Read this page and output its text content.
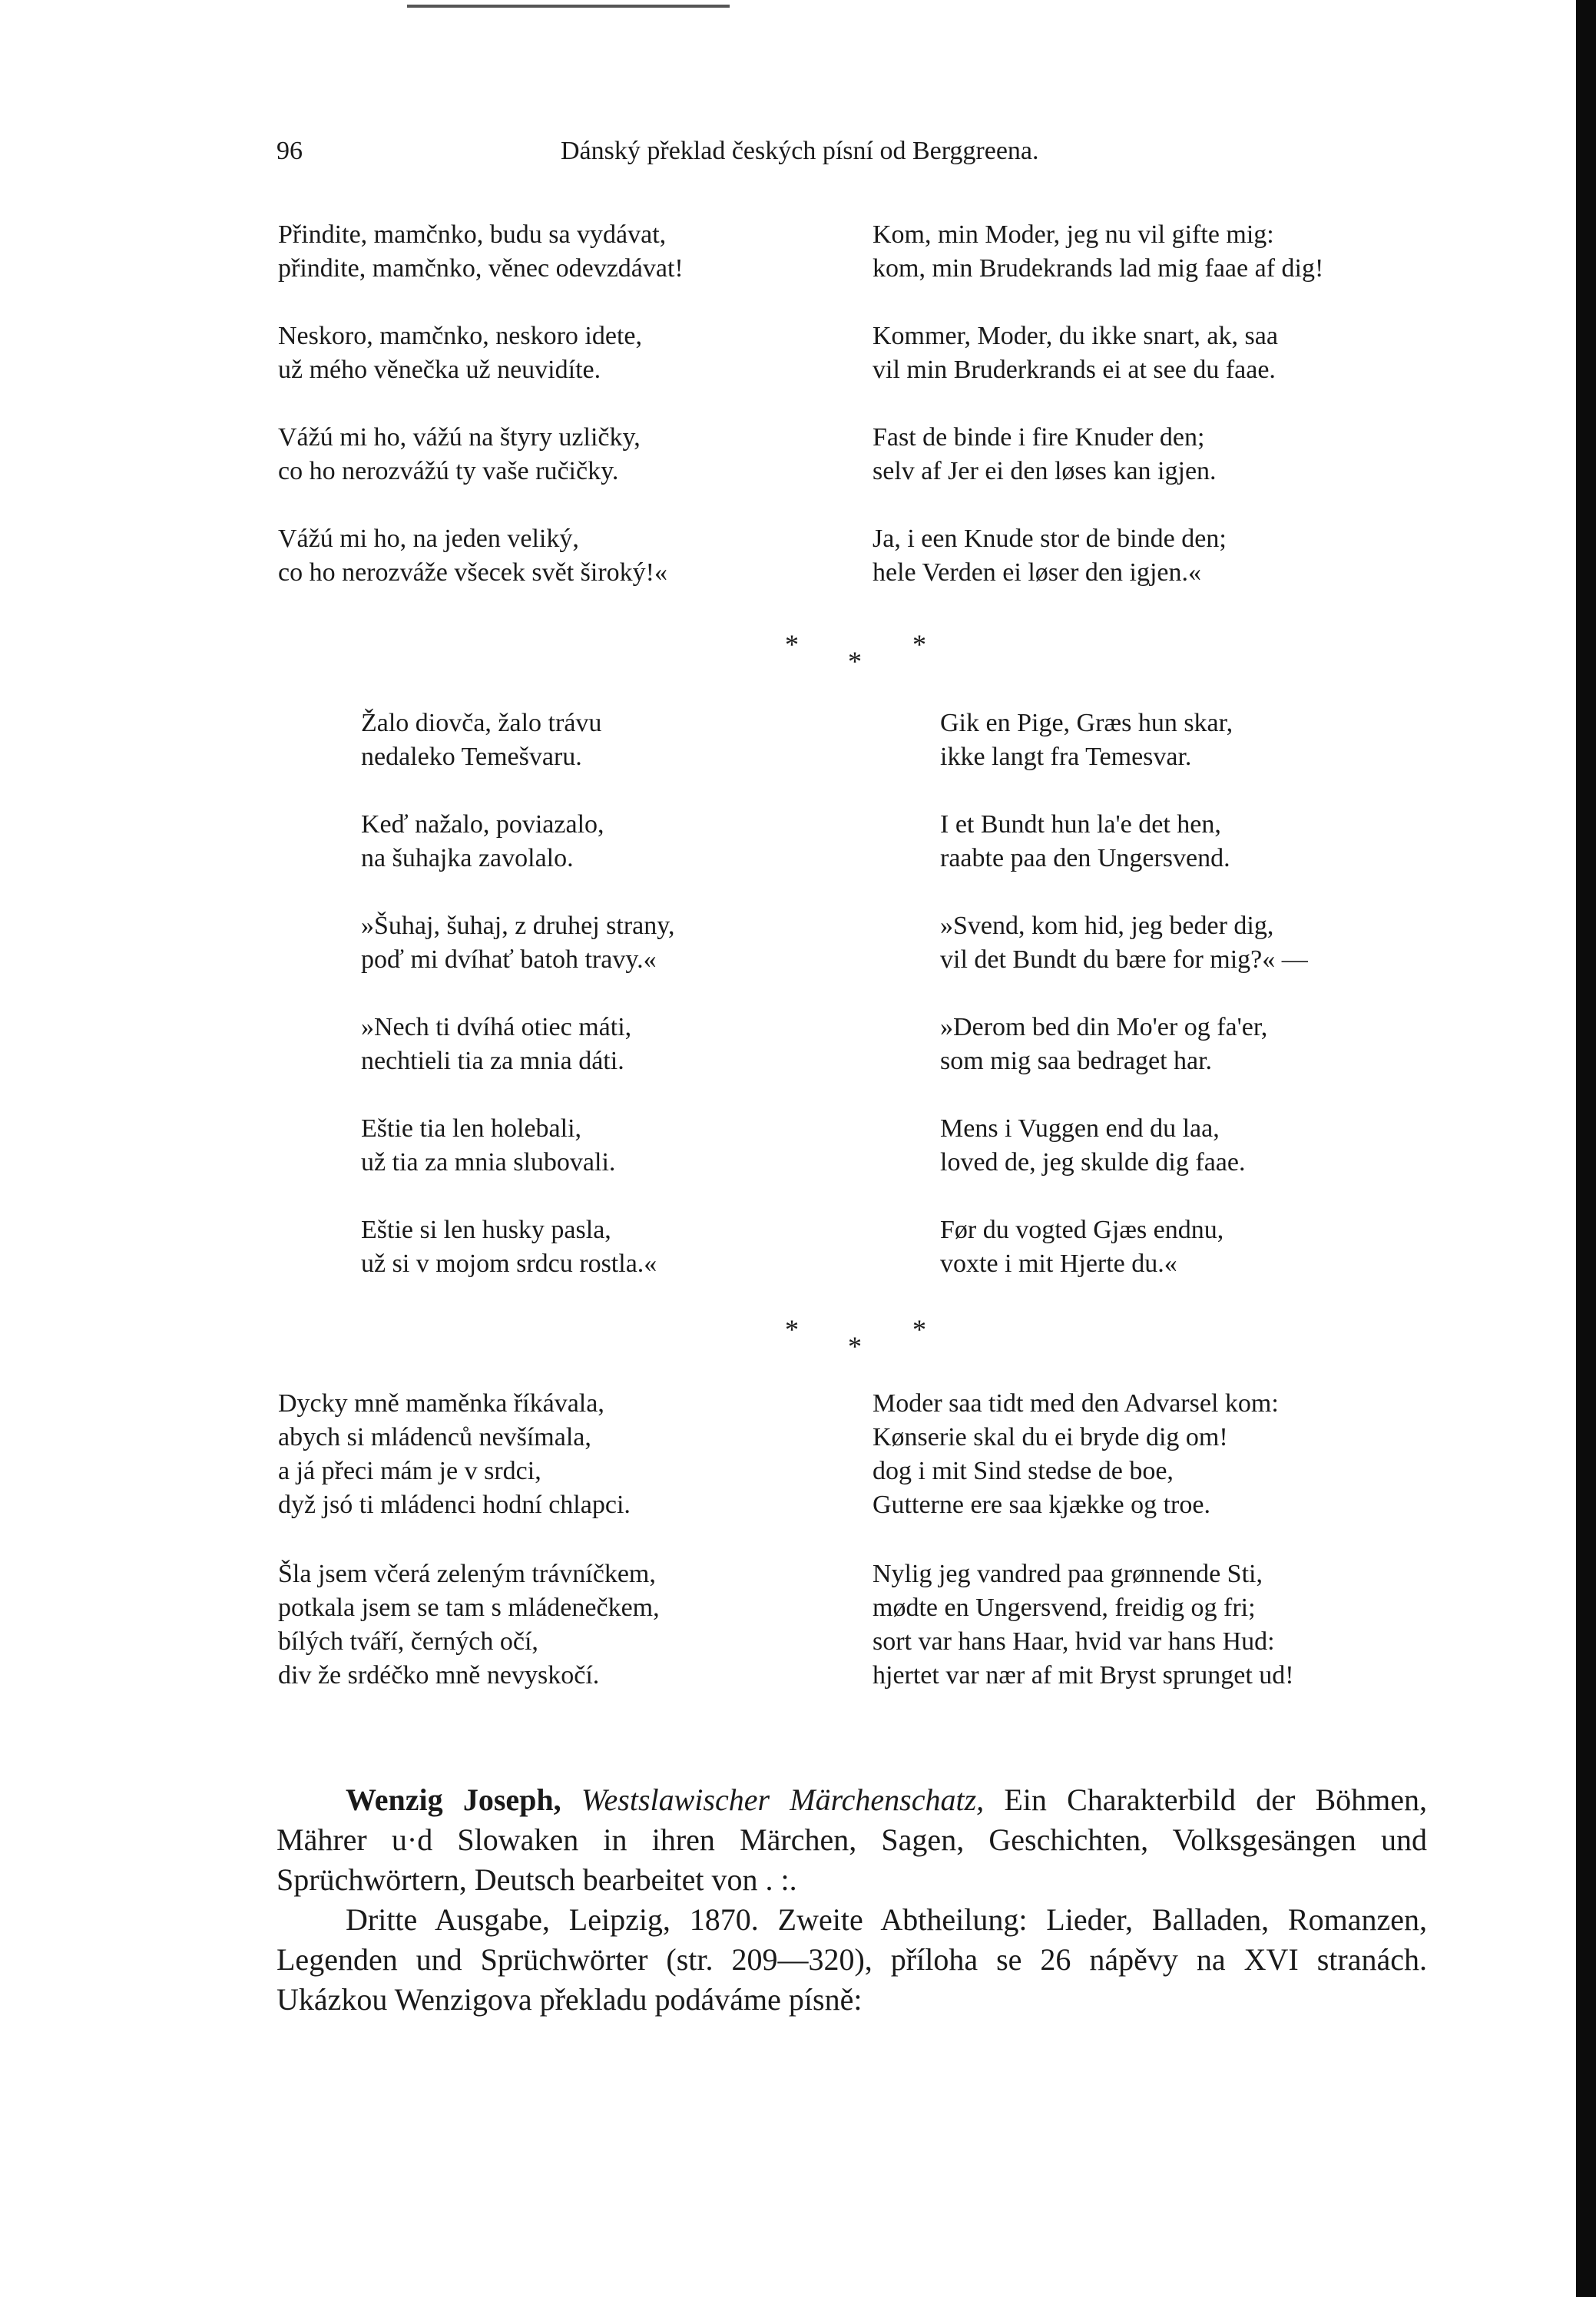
96	Dánský překlad českých písní od Berggreena.
Přindite, mamčnko, budu sa vydávat,
přindite, mamčnko, věnec odevzdávat!
Neskoro, mamčnko, neskoro idete,
už mého věnečka už neuvidíte.
Vážú mi ho, vážú na štyry uzličky,
co ho nerozvážú ty vaše ručičky.
Vážú mi ho, na jeden veliký,
co ho nerozváže všecek svět široký!«
Kom, min Moder, jeg nu vil gifte mig:
kom, min Brudekrands lad mig faae af dig!
Kommer, Moder, du ikke snart, ak, saa
vil min Bruderkrands ei at see du faae.
Fast de binde i fire Knuder den;
selv af Jer ei den løses kan igjen.
Ja, i een Knude stor de binde den;
hele Verden ei løser den igjen.«
*
*
*
Žalo diovča, žalo trávu
nedaleko Temešvaru.
Keď nažalo, poviazalo,
na šuhajka zavolalo.
»Šuhaj, šuhaj, z druhej strany,
poď mi dvíhať batoh travy.«
»Nech ti dvíhá otiec máti,
nechtieli tia za mnia dáti.
Eštie tia len holebali,
už tia za mnia slubovali.
Eštie si len husky pasla,
už si v mojom srdcu rostla.«
Gik en Pige, Græs hun skar,
ikke langt fra Temesvar.
I et Bundt hun la'e det hen,
raabte paa den Ungersvend.
»Svend, kom hid, jeg beder dig,
vil det Bundt du bære for mig?« —
»Derom bed din Mo'er og fa'er,
som mig saa bedraget har.
Mens i Vuggen end du laa,
loved de, jeg skulde dig faae.
Før du vogted Gjæs endnu,
voxte i mit Hjerte du.«
*
*
*
Dycky mně maměnka říkávala,
abych si mládenců nevšímala,
a já přeci mám je v srdci,
dyž jsó ti mládenci hodní chlapci.
Šla jsem včerá zeleným trávníčkem,
potkala jsem se tam s mládenečkem,
bílých tváří, černých očí,
div že srdéčko mně nevyskočí.
Moder saa tidt med den Advarsel kom:
Kønserie skal du ei bryde dig om!
dog i mit Sind stedse de boe,
Gutterne ere saa kjække og troe.
Nylig jeg vandred paa grønnende Sti,
mødte en Ungersvend, freidig og fri;
sort var hans Haar, hvid var hans Hud:
hjertet var nær af mit Bryst sprunget ud!

Wenzig Joseph, Westslawischer Märchenschatz, Ein Charakterbild der Böhmen, Mährer u·d Slowaken in ihren Märchen, Sagen, Geschichten, Volksgesängen und Sprüchwörtern, Deutsch bearbeitet von . :.

Dritte Ausgabe, Leipzig, 1870. Zweite Abtheilung: Lieder, Balladen, Romanzen, Legenden und Sprüchwörter (str. 209—320), příloha se 26 nápěvy na XVI stranách. Ukázkou Wenzigova překladu podáváme písně:
